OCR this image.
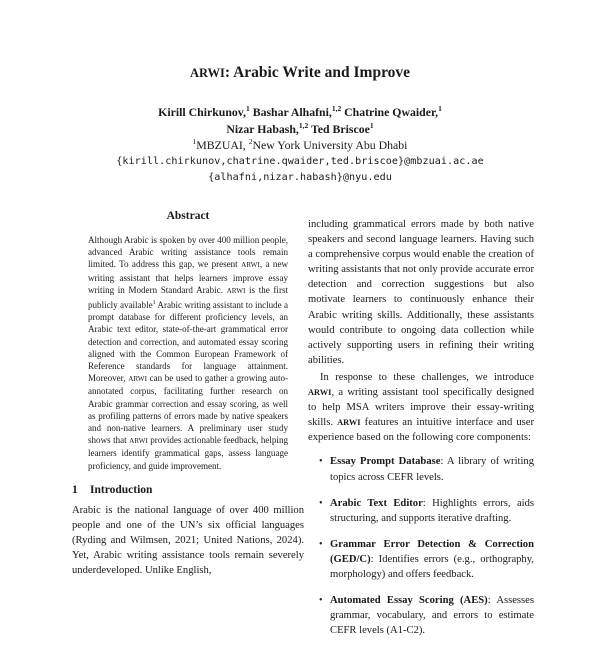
ARWI: Arabic Write and Improve
Kirill Chirkunov,$^1$ Bashar Alhafni,$^{1,2}$ Chatrine Qwaider,$^1$
Nizar Habash,$^{1,2}$ Ted Briscoe$^1$
$^1$MBZUAI, $^2$New York University Abu Dhabi
{kirill.chirkunov,chatrine.qwaider,ted.briscoe}@mbzuai.ac.ae
{alhafni,nizar.habash}@nyu.edu
Abstract

Although Arabic is spoken by over 400 million people, advanced Arabic writing assistance tools remain limited. To address this gap, we present ARWI, a new writing assistant that helps learners improve essay writing in Modern Standard Arabic. ARWI is the first publicly available$^1$ Arabic writing assistant to include a prompt database for different proficiency levels, an Arabic text editor, state-of-the-art grammatical error detection and correction, and automated essay scoring aligned with the Common European Framework of Reference standards for language attainment. Moreover, ARWI can be used to gather a growing auto-annotated corpus, facilitating further research on Arabic grammar correction and essay scoring, as well as profiling patterns of errors made by native speakers and non-native learners. A preliminary user study shows that ARWI provides actionable feedback, helping learners identify grammatical gaps, assess language proficiency, and guide improvement.

1 Introduction

Arabic is the national language of over 400 million people and one of the UN’s six official languages (Ryding and Wilmsen, 2021; United Nations, 2024). Yet, Arabic writing assistance tools remain severely underdeveloped. Unlike English,

including grammatical errors made by both native speakers and second language learners. Having such a comprehensive corpus would enable the creation of writing assistants that not only provide accurate error detection and correction suggestions but also motivate learners to continuously enhance their Arabic writing skills. Additionally, these assistants would contribute to ongoing data collection while actively supporting users in refining their writing abilities.

In response to these challenges, we introduce ARWI, a writing assistant tool specifically designed to help MSA writers improve their essay-writing skills. ARWI features an intuitive interface and user experience based on the following core components:

• Essay Prompt Database: A library of writing topics across CEFR levels.
• Arabic Text Editor: Highlights errors, aids structuring, and supports iterative drafting.
• Grammar Error Detection & Correction (GED/C): Identifies errors (e.g., orthography, morphology) and offers feedback.
• Automated Essay Scoring (AES): Assesses grammar, vocabulary, and errors to estimate CEFR levels (A1-C2).
